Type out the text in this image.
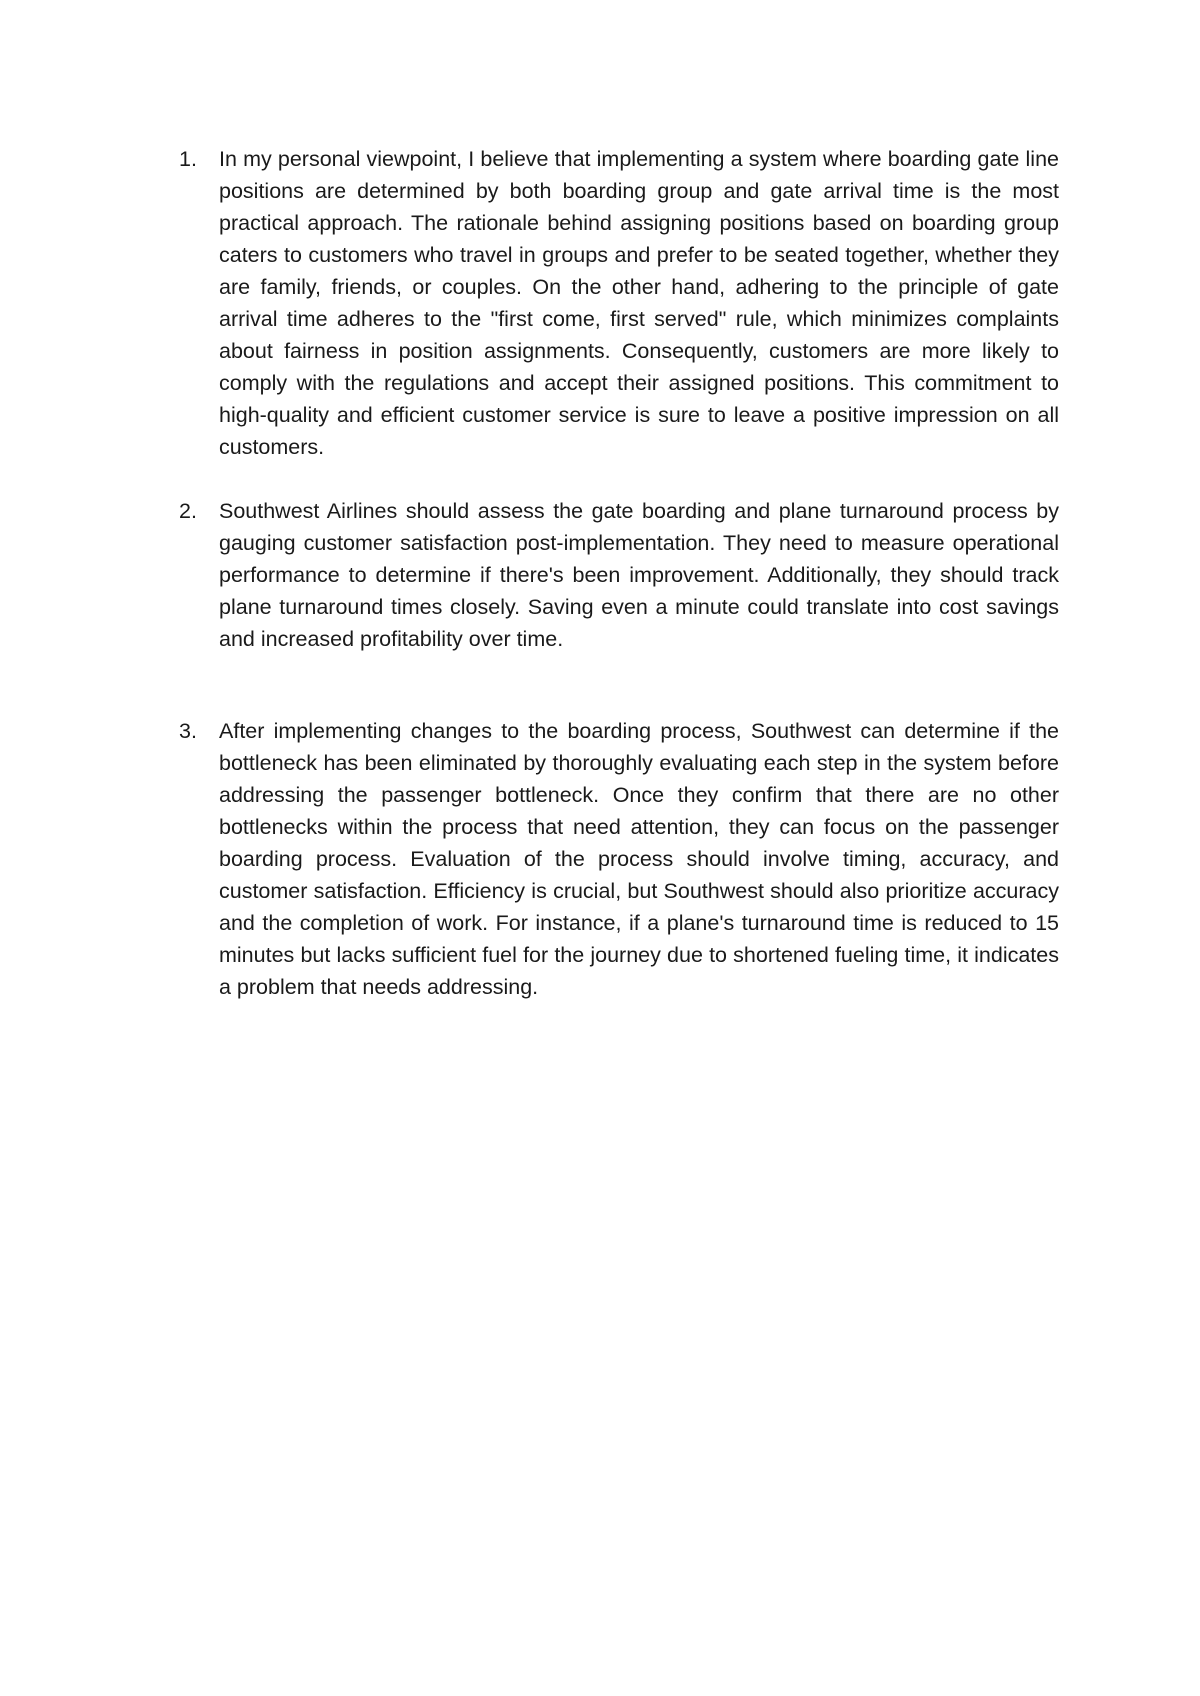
1.	In my personal viewpoint, I believe that implementing a system where boarding gate line positions are determined by both boarding group and gate arrival time is the most practical approach. The rationale behind assigning positions based on boarding group caters to customers who travel in groups and prefer to be seated together, whether they are family, friends, or couples. On the other hand, adhering to the principle of gate arrival time adheres to the "first come, first served" rule, which minimizes complaints about fairness in position assignments. Consequently, customers are more likely to comply with the regulations and accept their assigned positions. This commitment to high-quality and efficient customer service is sure to leave a positive impression on all customers.

2.	Southwest Airlines should assess the gate boarding and plane turnaround process by gauging customer satisfaction post-implementation. They need to measure operational performance to determine if there's been improvement. Additionally, they should track plane turnaround times closely. Saving even a minute could translate into cost savings and increased profitability over time.

3.	After implementing changes to the boarding process, Southwest can determine if the bottleneck has been eliminated by thoroughly evaluating each step in the system before addressing the passenger bottleneck. Once they confirm that there are no other bottlenecks within the process that need attention, they can focus on the passenger boarding process. Evaluation of the process should involve timing, accuracy, and customer satisfaction. Efficiency is crucial, but Southwest should also prioritize accuracy and the completion of work. For instance, if a plane's turnaround time is reduced to 15 minutes but lacks sufficient fuel for the journey due to shortened fueling time, it indicates a problem that needs addressing.
